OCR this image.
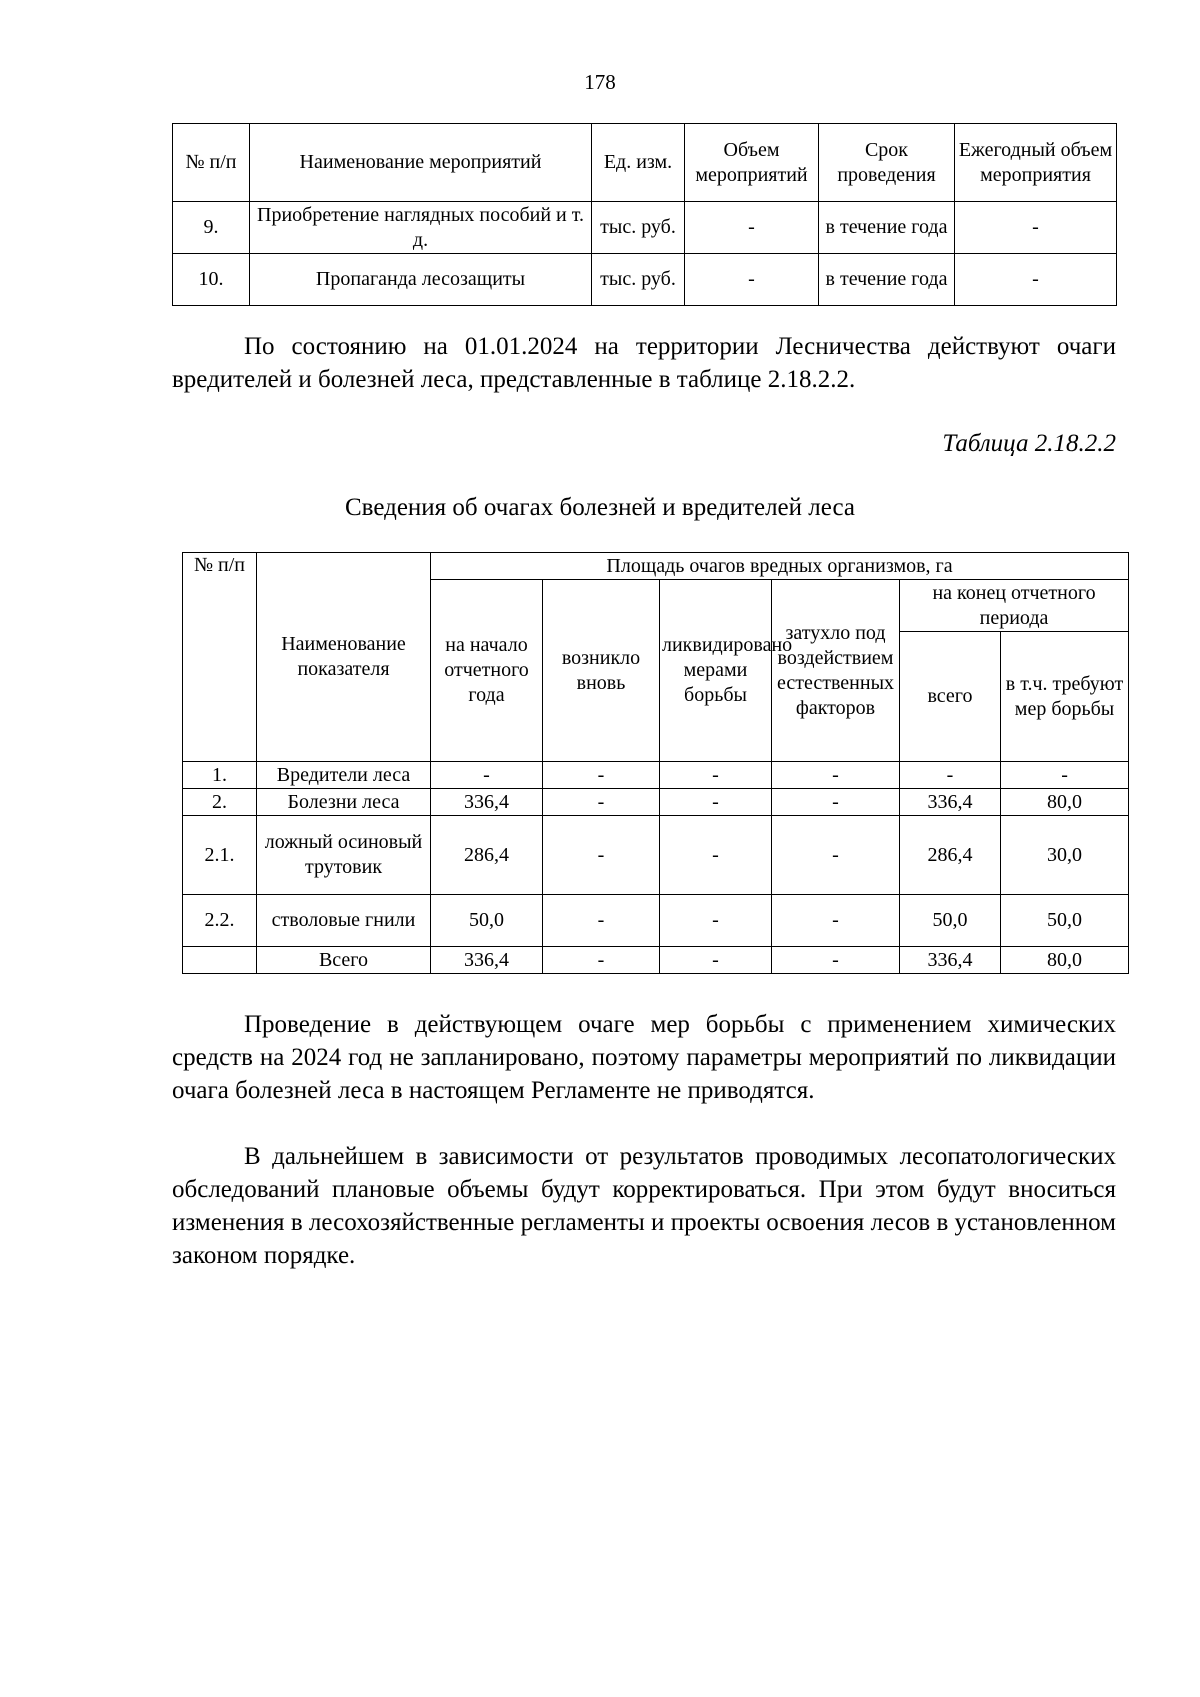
178
№ п/п	Наименование мероприятий	Ед. изм.	Объем мероприятий	Срок проведения	Ежегодный объем мероприятия
9.	Приобретение наглядных пособий и т. д.	тыс. руб.	-	в течение года	-
10.	Пропаганда лесозащиты	тыс. руб.	-	в течение года	-

По состоянию на 01.01.2024 на территории Лесничества действуют очаги вредителей и болезней леса, представленные в таблице 2.18.2.2.

Таблица 2.18.2.2
Сведения об очагах болезней и вредителей леса
№ п/п	Наименование показателя	Площадь очагов вредных организмов, га					
		на начало отчетного года	возникло вновь	ликвидировано мерами борьбы	затухло под воздействием естественных факторов	на конец отчетного периода	
						всего	в т.ч. требуют мер борьбы
1.	Вредители леса	-	-	-	-	-	-
2.	Болезни леса	336,4	-	-	-	336,4	80,0
2.1.	ложный осиновый трутовик	286,4	-	-	-	286,4	30,0
2.2.	стволовые гнили	50,0	-	-	-	50,0	50,0
	Всего	336,4	-	-	-	336,4	80,0

Проведение в действующем очаге мер борьбы с применением химических средств на 2024 год не запланировано, поэтому параметры мероприятий по ликвидации очага болезней леса в настоящем Регламенте не приводятся.

В дальнейшем в зависимости от результатов проводимых лесопатологических обследований плановые объемы будут корректироваться. При этом будут вноситься изменения в лесохозяйственные регламенты и проекты освоения лесов в установленном законом порядке.
